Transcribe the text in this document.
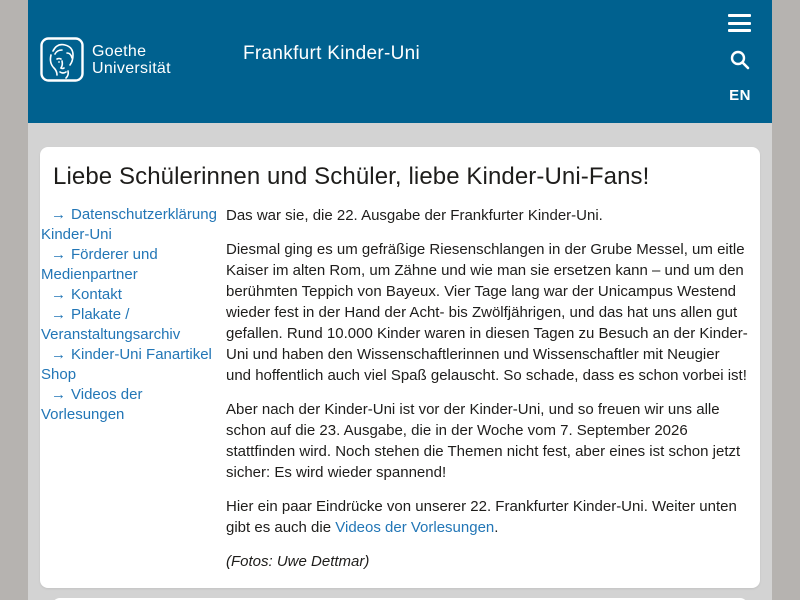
Goethe
Universität
Frankfurt Kinder-Uni
EN
Liebe Schülerinnen und Schüler, liebe Kinder-Uni-Fans!
→ Datenschutzerklärung Kinder-Uni
→ Förderer und Medienpartner
→ Kontakt
→ Plakate / Veranstaltungsarchiv
→ Kinder-Uni Fanartikel Shop
→ Videos der Vorlesungen

Das war sie, die 22. Ausgabe der Frankfurter Kinder-Uni.

Diesmal ging es um gefräßige Riesenschlangen in der Grube Messel, um eitle Kaiser im alten Rom, um Zähne und wie man sie ersetzen kann – und um den berühmten Teppich von Bayeux. Vier Tage lang war der Unicampus Westend wieder fest in der Hand der Acht- bis Zwölfjährigen, und das hat uns allen gut gefallen. Rund 10.000 Kinder waren in diesen Tagen zu Besuch an der Kinder-Uni und haben den Wissenschaftlerinnen und Wissenschaftler mit Neugier und hoffentlich auch viel Spaß gelauscht. So schade, dass es schon vorbei ist!

Aber nach der Kinder-Uni ist vor der Kinder-Uni, und so freuen wir uns alle schon auf die 23. Ausgabe, die in der Woche vom 7. September 2026 stattfinden wird. Noch stehen die Themen nicht fest, aber eines ist schon jetzt sicher: Es wird wieder spannend!

Hier ein paar Eindrücke von unserer 22. Frankfurter Kinder-Uni. Weiter unten gibt es auch die Videos der Vorlesungen.

(Fotos: Uwe Dettmar)
